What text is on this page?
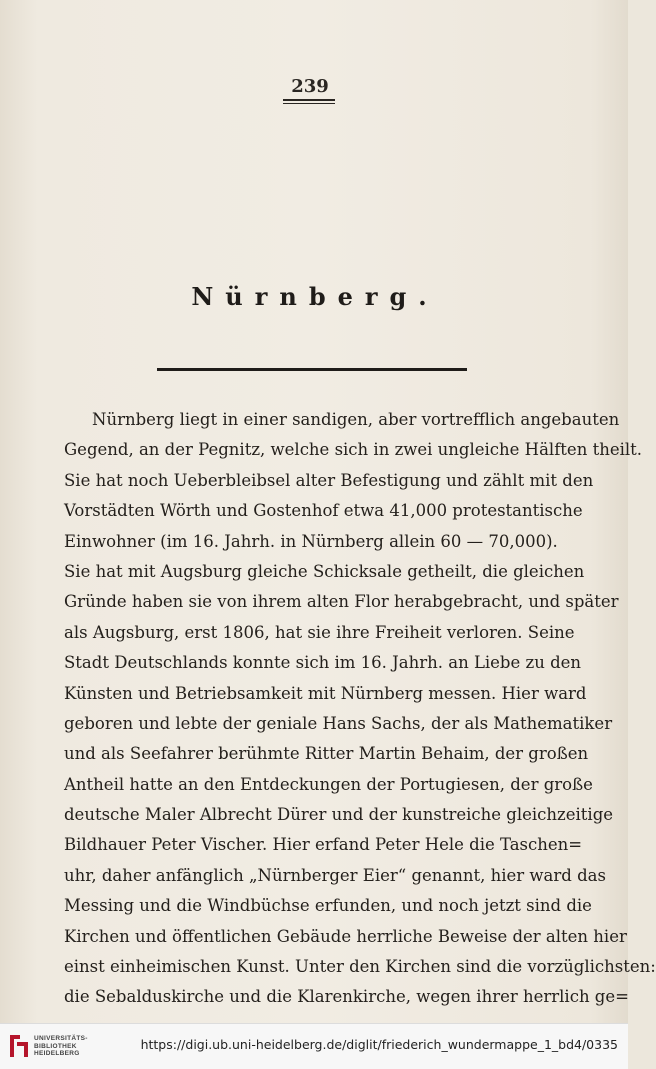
239
Nürnberg.
Nürnberg liegt in einer sandigen, aber vortrefflich angebauten
Gegend, an der Pegnitz, welche sich in zwei ungleiche Hälften theilt.
Sie hat noch Ueberbleibsel alter Befestigung und zählt mit den
Vorstädten Wörth und Gostenhof etwa 41,000 protestantische
Einwohner (im 16. Jahrh. in Nürnberg allein 60 — 70,000).
Sie hat mit Augsburg gleiche Schicksale getheilt, die gleichen
Gründe haben sie von ihrem alten Flor herabgebracht, und später
als Augsburg, erst 1806, hat sie ihre Freiheit verloren. Seine
Stadt Deutschlands konnte sich im 16. Jahrh. an Liebe zu den
Künsten und Betriebsamkeit mit Nürnberg messen. Hier ward
geboren und lebte der geniale Hans Sachs, der als Mathematiker
und als Seefahrer berühmte Ritter Martin Behaim, der großen
Antheil hatte an den Entdeckungen der Portugiesen, der große
deutsche Maler Albrecht Dürer und der kunstreiche gleichzeitige
Bildhauer Peter Vischer. Hier erfand Peter Hele die Taschen=
uhr, daher anfänglich „Nürnberger Eier“ genannt, hier ward das
Messing und die Windbüchse erfunden, und noch jetzt sind die
Kirchen und öffentlichen Gebäude herrliche Beweise der alten hier
einst einheimischen Kunst. Unter den Kirchen sind die vorzüglichsten:
die Sebalduskirche und die Klarenkirche, wegen ihrer herrlich ge=
UNIVERSITÄTS-
BIBLIOTHEK
HEIDELBERG
https://digi.ub.uni-heidelberg.de/diglit/friederich_wundermappe_1_bd4/0335
